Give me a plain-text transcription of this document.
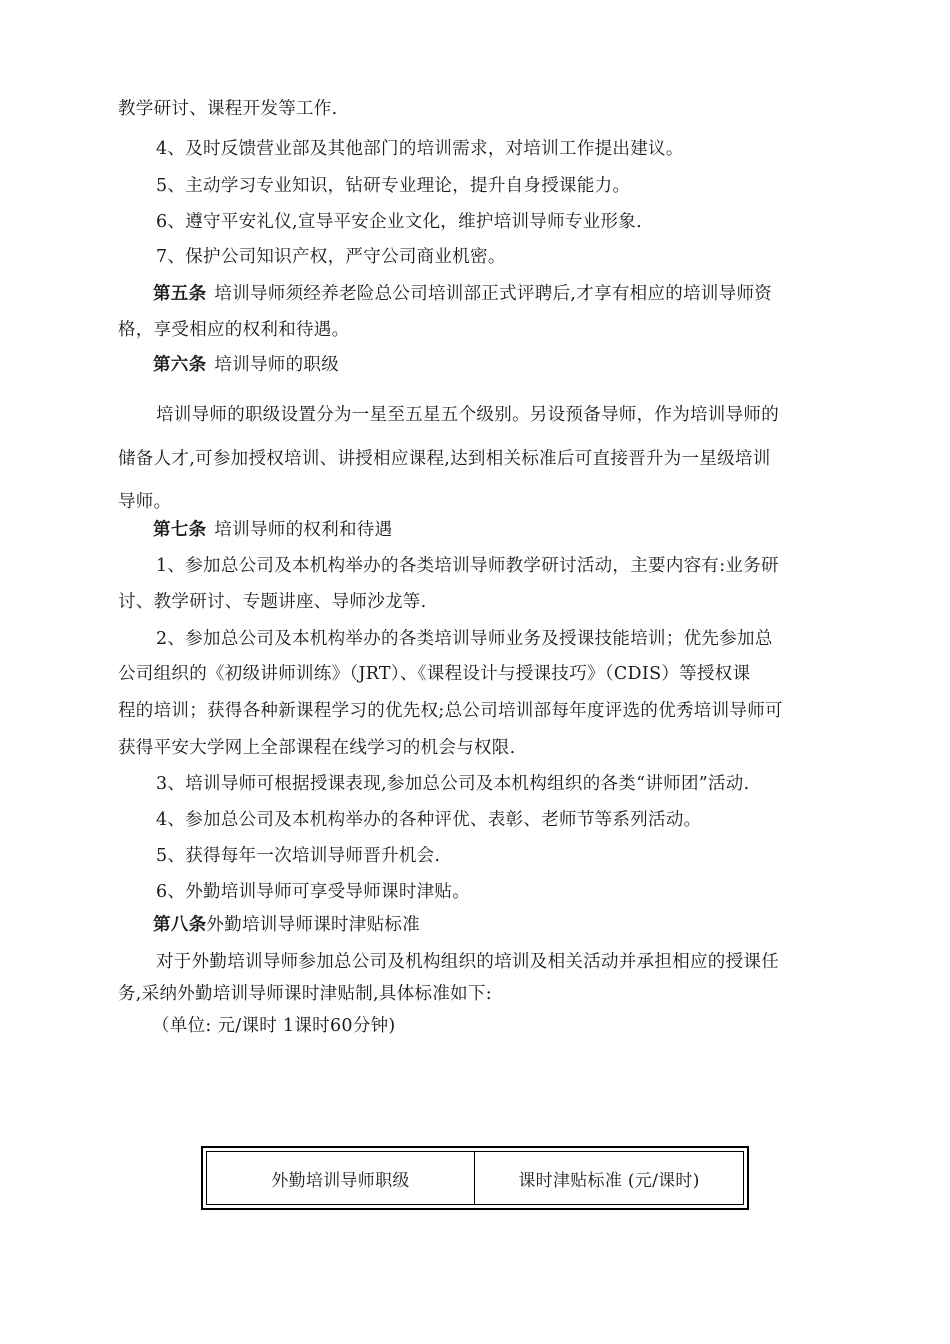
教学研讨、课程开发等工作.
4、及时反馈营业部及其他部门的培训需求，对培训工作提出建议。
5、主动学习专业知识，钻研专业理论，提升自身授课能力。
6、遵守平安礼仪,宣导平安企业文化，维护培训导师专业形象.
7、保护公司知识产权，严守公司商业机密。
第五条 培训导师须经养老险总公司培训部正式评聘后,才享有相应的培训导师资
格，享受相应的权利和待遇。
第六条 培训导师的职级
培训导师的职级设置分为一星至五星五个级别。另设预备导师，作为培训导师的
储备人才,可参加授权培训、讲授相应课程,达到相关标准后可直接晋升为一星级培训
导师。
第七条 培训导师的权利和待遇
1、参加总公司及本机构举办的各类培训导师教学研讨活动，主要内容有:业务研
讨、教学研讨、专题讲座、导师沙龙等.
2、参加总公司及本机构举办的各类培训导师业务及授课技能培训；优先参加总
公司组织的《初级讲师训练》（JRT）、《课程设计与授课技巧》（CDIS）等授权课
程的培训；获得各种新课程学习的优先权;总公司培训部每年度评选的优秀培训导师可
获得平安大学网上全部课程在线学习的机会与权限.
3、培训导师可根据授课表现,参加总公司及本机构组织的各类“讲师团”活动.
4、参加总公司及本机构举办的各种评优、表彰、老师节等系列活动。
5、获得每年一次培训导师晋升机会.
6、外勤培训导师可享受导师课时津贴。
第八条外勤培训导师课时津贴标准
对于外勤培训导师参加总公司及机构组织的培训及相关活动并承担相应的授课任
务,采纳外勤培训导师课时津贴制,具体标准如下:
（单位: 元/课时 1课时60分钟)
外勤培训导师职级	课时津贴标准 (元/课时)
